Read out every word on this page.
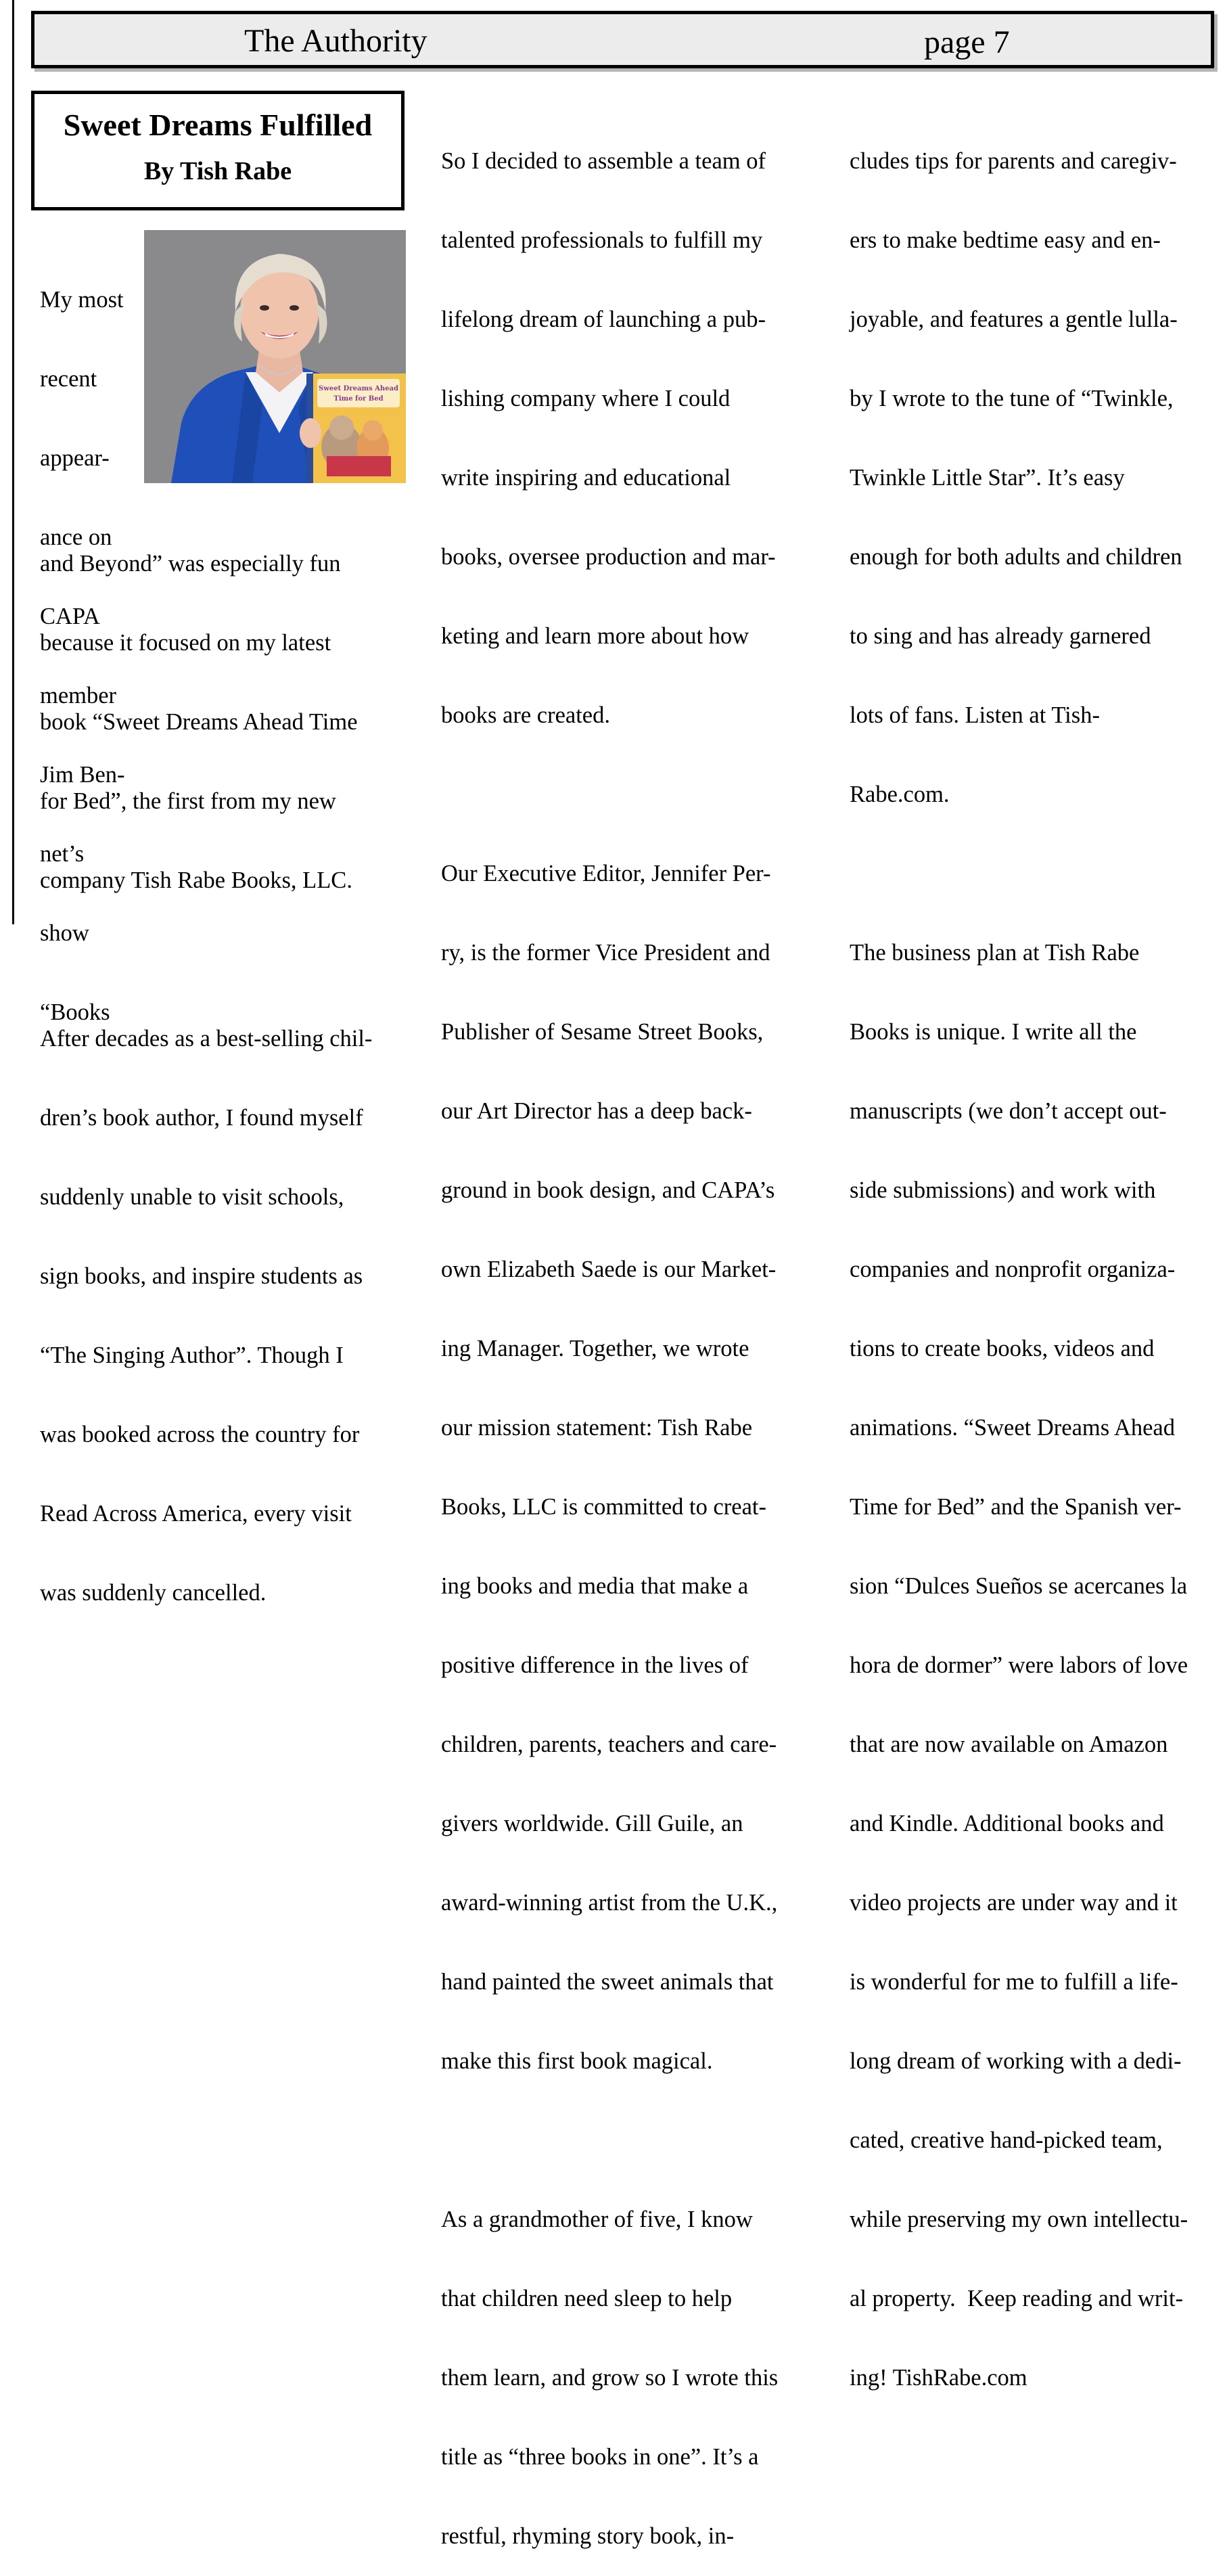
The Authority	page 7
Sweet Dreams Fulfilled
By Tish Rabe
Sweet Dreams Ahead
Time for Bed

My most

recent

appear-

ance on

CAPA

member

Jim Ben-

net’s

show

“Books

and Beyond” was especially fun

because it focused on my latest

book “Sweet Dreams Ahead Time

for Bed”, the first from my new

company Tish Rabe Books, LLC.

After decades as a best-selling chil-

dren’s book author, I found myself

suddenly unable to visit schools,

sign books, and inspire students as

“The Singing Author”. Though I

was booked across the country for

Read Across America, every visit

was suddenly cancelled.

So I decided to assemble a team of

talented professionals to fulfill my

lifelong dream of launching a pub-

lishing company where I could

write inspiring and educational

books, oversee production and mar-

keting and learn more about how

books are created.

Our Executive Editor, Jennifer Per-

ry, is the former Vice President and

Publisher of Sesame Street Books,

our Art Director has a deep back-

ground in book design, and CAPA’s

own Elizabeth Saede is our Market-

ing Manager. Together, we wrote

our mission statement: Tish Rabe

Books, LLC is committed to creat-

ing books and media that make a

positive difference in the lives of

children, parents, teachers and care-

givers worldwide. Gill Guile, an

award-winning artist from the U.K.,

hand painted the sweet animals that

make this first book magical.

As a grandmother of five, I know

that children need sleep to help

them learn, and grow so I wrote this

title as “three books in one”. It’s a

restful, rhyming story book, in-

cludes tips for parents and caregiv-

ers to make bedtime easy and en-

joyable, and features a gentle lulla-

by I wrote to the tune of “Twinkle,

Twinkle Little Star”. It’s easy

enough for both adults and children

to sing and has already garnered

lots of fans. Listen at Tish-

Rabe.com.

The business plan at Tish Rabe

Books is unique. I write all the

manuscripts (we don’t accept out-

side submissions) and work with

companies and nonprofit organiza-

tions to create books, videos and

animations. “Sweet Dreams Ahead

Time for Bed” and the Spanish ver-

sion “Dulces Sueños se acercanes la

hora de dormer” were labors of love

that are now available on Amazon

and Kindle. Additional books and

video projects are under way and it

is wonderful for me to fulfill a life-

long dream of working with a dedi-

cated, creative hand-picked team,

while preserving my own intellectu-

al property.  Keep reading and writ-

ing! TishRabe.com
